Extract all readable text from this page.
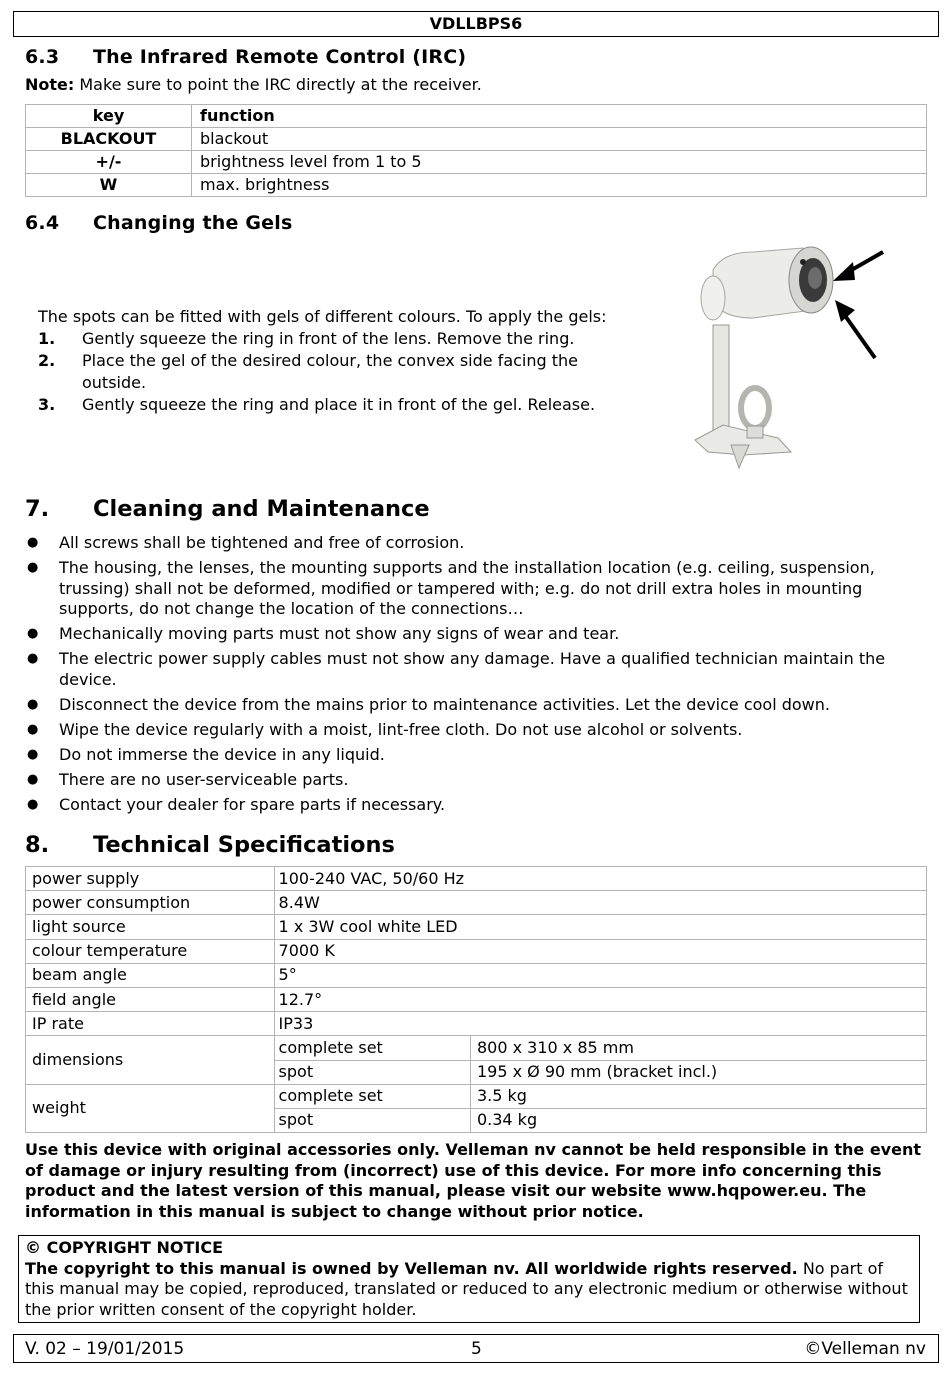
VDLLBPS6
6.3 The Infrared Remote Control (IRC)
Note: Make sure to point the IRC directly at the receiver.
key	function
BLACKOUT	blackout
+/-	brightness level from 1 to 5
W	max. brightness
6.4 Changing the Gels
The spots can be fitted with gels of different colours. To apply the gels:
1.	Gently squeeze the ring in front of the lens. Remove the ring.
2.	Place the gel of the desired colour, the convex side facing the outside.
3.	Gently squeeze the ring and place it in front of the gel. Release.
7. Cleaning and Maintenance
●	All screws shall be tightened and free of corrosion.
●	The housing, the lenses, the mounting supports and the installation location (e.g. ceiling, suspension, trussing) shall not be deformed, modified or tampered with; e.g. do not drill extra holes in mounting supports, do not change the location of the connections…
●	Mechanically moving parts must not show any signs of wear and tear.
●	The electric power supply cables must not show any damage. Have a qualified technician maintain the device.
●	Disconnect the device from the mains prior to maintenance activities. Let the device cool down.
●	Wipe the device regularly with a moist, lint-free cloth. Do not use alcohol or solvents.
●	Do not immerse the device in any liquid.
●	There are no user-serviceable parts.
●	Contact your dealer for spare parts if necessary.
8. Technical Specifications
power supply	100-240 VAC, 50/60 Hz	
power consumption	8.4W	
light source	1 x 3W cool white LED	
colour temperature	7000 K	
beam angle	5°	
field angle	12.7°	
IP rate	IP33	
dimensions	complete set	800 x 310 x 85 mm
	spot	195 x Ø 90 mm (bracket incl.)
weight	complete set	3.5 kg
	spot	0.34 kg
Use this device with original accessories only. Velleman nv cannot be held responsible in the event of damage or injury resulting from (incorrect) use of this device. For more info concerning this product and the latest version of this manual, please visit our website www.hqpower.eu. The information in this manual is subject to change without prior notice.
© COPYRIGHT NOTICE
The copyright to this manual is owned by Velleman nv. All worldwide rights reserved. No part of this manual may be copied, reproduced, translated or reduced to any electronic medium or otherwise without the prior written consent of the copyright holder.
V. 02 – 19/01/2015	5	©Velleman nv
